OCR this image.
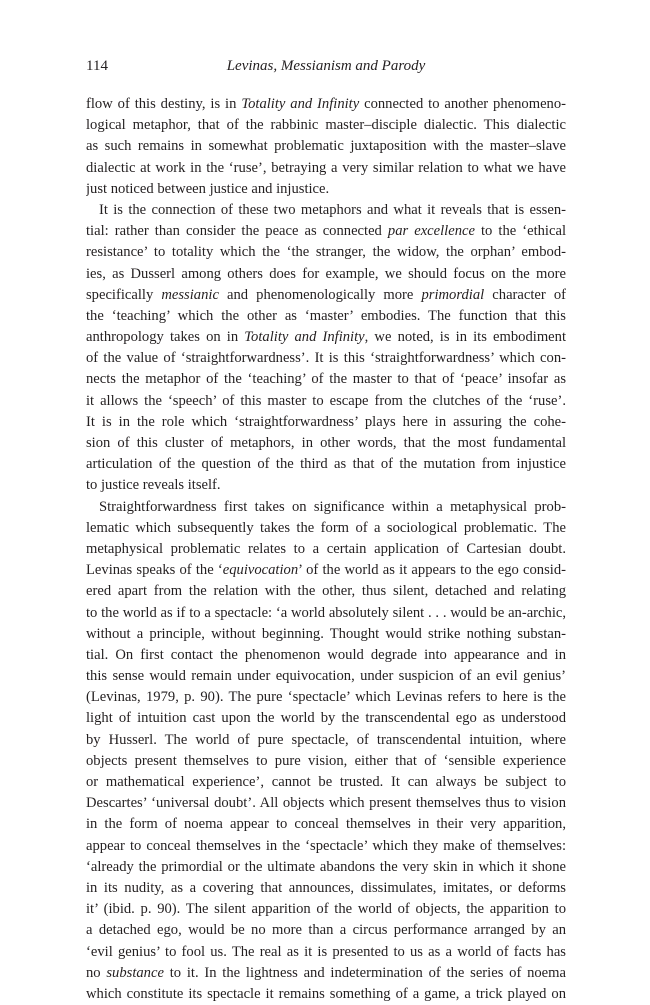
114	Levinas, Messianism and Parody
flow of this destiny, is in Totality and Infinity connected to another phenomeno-
logical metaphor, that of the rabbinic master–disciple dialectic. This dialectic
as such remains in somewhat problematic juxtaposition with the master–slave
dialectic at work in the ‘ruse’, betraying a very similar relation to what we have
just noticed between justice and injustice.
It is the connection of these two metaphors and what it reveals that is essen-
tial: rather than consider the peace as connected par excellence to the ‘ethical
resistance’ to totality which the ‘the stranger, the widow, the orphan’ embod-
ies, as Dusserl among others does for example, we should focus on the more
specifically messianic and phenomenologically more primordial character of
the ‘teaching’ which the other as ‘master’ embodies. The function that this
anthropology takes on in Totality and Infinity, we noted, is in its embodiment
of the value of ‘straightforwardness’. It is this ‘straightforwardness’ which con-
nects the metaphor of the ‘teaching’ of the master to that of ‘peace’ insofar as
it allows the ‘speech’ of this master to escape from the clutches of the ‘ruse’.
It is in the role which ‘straightforwardness’ plays here in assuring the cohe-
sion of this cluster of metaphors, in other words, that the most fundamental
articulation of the question of the third as that of the mutation from injustice
to justice reveals itself.
Straightforwardness first takes on significance within a metaphysical prob-
lematic which subsequently takes the form of a sociological problematic. The
metaphysical problematic relates to a certain application of Cartesian doubt.
Levinas speaks of the ‘equivocation’ of the world as it appears to the ego consid-
ered apart from the relation with the other, thus silent, detached and relating
to the world as if to a spectacle: ‘a world absolutely silent . . . would be an-archic,
without a principle, without beginning. Thought would strike nothing substan-
tial. On first contact the phenomenon would degrade into appearance and in
this sense would remain under equivocation, under suspicion of an evil genius’
(Levinas, 1979, p. 90). The pure ‘spectacle’ which Levinas refers to here is the
light of intuition cast upon the world by the transcendental ego as understood
by Husserl. The world of pure spectacle, of transcendental intuition, where
objects present themselves to pure vision, either that of ‘sensible experience
or mathematical experience’, cannot be trusted. It can always be subject to
Descartes’ ‘universal doubt’. All objects which present themselves thus to vision
in the form of noema appear to conceal themselves in their very apparition,
appear to conceal themselves in the ‘spectacle’ which they make of themselves:
‘already the primordial or the ultimate abandons the very skin in which it shone
in its nudity, as a covering that announces, dissimulates, imitates, or deforms
it’ (ibid. p. 90). The silent apparition of the world of objects, the apparition to
a detached ego, would be no more than a circus performance arranged by an
‘evil genius’ to fool us. The real as it is presented to us as a world of facts has
no substance to it. In the lightness and indetermination of the series of noema
which constitute its spectacle it remains something of a game, a trick played on
